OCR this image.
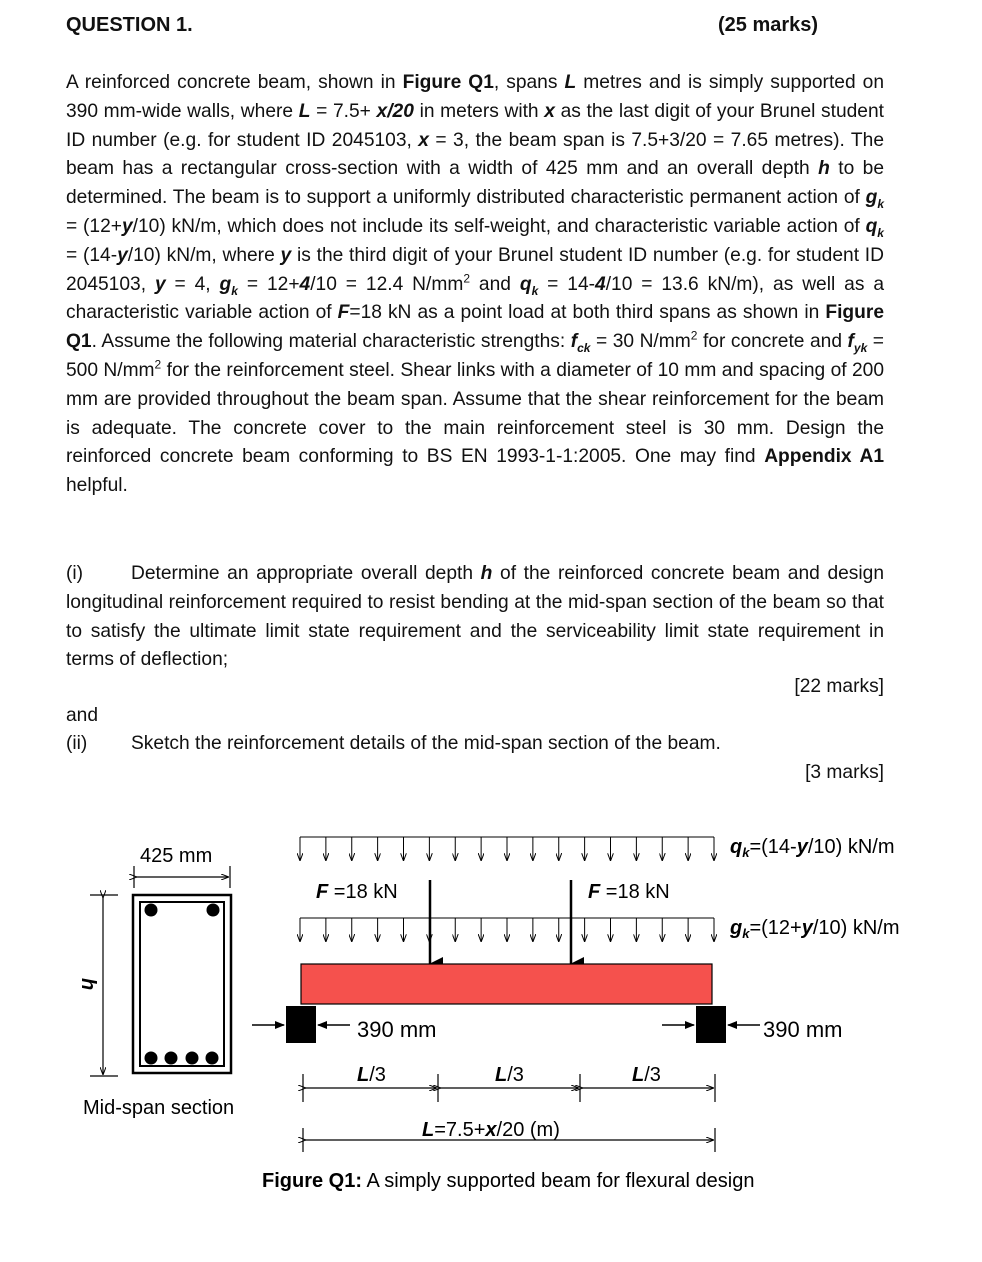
QUESTION 1.	(25 marks)

A reinforced concrete beam, shown in Figure Q1, spans L metres and is simply supported on 390 mm-wide walls, where L = 7.5+ x/20 in meters with x as the last digit of your Brunel student ID number (e.g. for student ID 2045103, x = 3, the beam span is 7.5+3/20 = 7.65 metres). The beam has a rectangular cross-section with a width of 425 mm and an overall depth h to be determined. The beam is to support a uniformly distributed characteristic permanent action of $g_k = (12+y/10)$ kN/m, which does not include its self-weight, and characteristic variable action of $q_k = (14-y/10)$ kN/m, where y is the third digit of your Brunel student ID number (e.g. for student ID 2045103, y = 4, $g_k = 12+4/10 = 12.4$ $N/mm^2$ and $q_k = 14-4/10 = 13.6$ kN/m), as well as a characteristic variable action of F=18 kN as a point load at both third spans as shown in Figure Q1. Assume the following material characteristic strengths: $f_{ck} = 30$ $N/mm^2$ for concrete and $f_{yk} = 500$ $N/mm^2$ for the reinforcement steel. Shear links with a diameter of 10 mm and spacing of 200 mm are provided throughout the beam span. Assume that the shear reinforcement for the beam is adequate. The concrete cover to the main reinforcement steel is 30 mm. Design the reinforced concrete beam conforming to BS EN 1993-1-1:2005. One may find Appendix A1 helpful.

(i) Determine an appropriate overall depth h of the reinforced concrete beam and design longitudinal reinforcement required to resist bending at the mid-span section of the beam so that to satisfy the ultimate limit state requirement and the serviceability limit state requirement in terms of deflection;

[22 marks]
and
(ii) Sketch the reinforcement details of the mid-span section of the beam.
[3 marks]
425 mm
h
Mid-span section
$q_k=(14-y/10)$ kN/m
$g_k=(12+y/10)$ kN/m
F =18 kN	F =18 kN
390 mm	390 mm
L/3	L/3	L/3
L=7.5+x/20 (m)
Figure Q1: A simply supported beam for flexural design
